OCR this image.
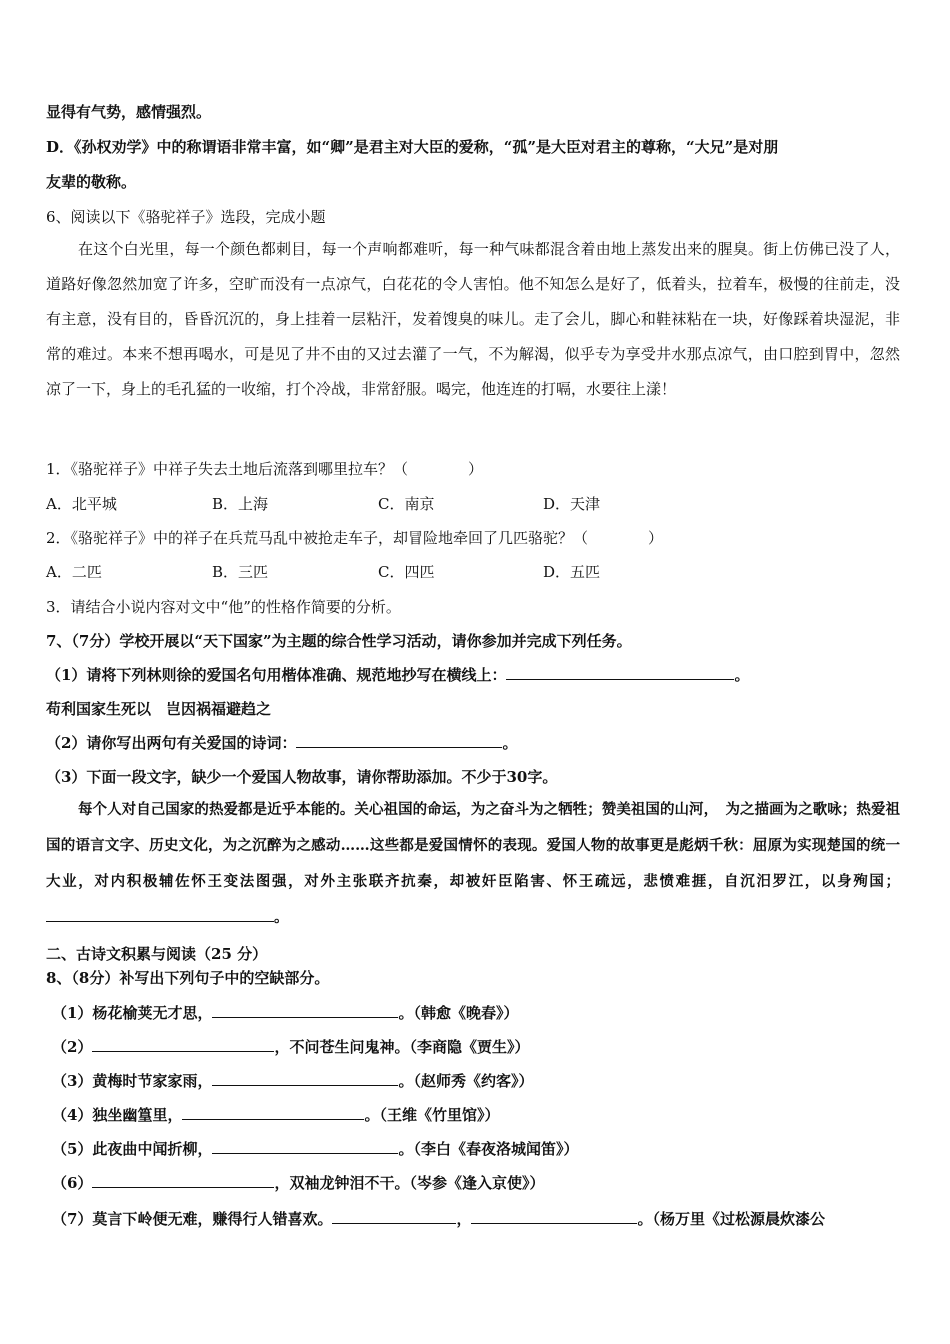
显得有气势，感情强烈。
D．《孙权劝学》中的称谓语非常丰富，如“卿”是君主对大臣的爱称，“孤”是大臣对君主的尊称，“大兄”是对朋
友辈的敬称。
6、阅读以下《骆驼祥子》选段，完成小题
在这个白光里，每一个颜色都刺目，每一个声响都难听，每一种气味都混含着由地上蒸发出来的腥臭。街上仿佛已没了人，道路好像忽然加宽了许多，空旷而没有一点凉气，白花花的令人害怕。他不知怎么是好了，低着头，拉着车，极慢的往前走，没有主意，没有目的，昏昏沉沉的，身上挂着一层粘汗，发着馊臭的味儿。走了会儿，脚心和鞋袜粘在一块，好像踩着块湿泥，非常的难过。本来不想再喝水，可是见了井不由的又过去灌了一气，不为解渴，似乎专为享受井水那点凉气，由口腔到胃中，忽然凉了一下，身上的毛孔猛的一收缩，打个冷战，非常舒服。喝完，他连连的打嗝，水要往上漾！
1．《骆驼祥子》中祥子失去土地后流落到哪里拉车？（　　　　）
A．北平城	B．上海	C．南京	D．天津
2．《骆驼祥子》中的祥子在兵荒马乱中被抢走车子，却冒险地牵回了几匹骆驼？（　　　　）
A．二匹	B．三匹	C．四匹	D．五匹
3．请结合小说内容对文中“他”的性格作简要的分析。
7、（7分）学校开展以“天下国家”为主题的综合性学习活动，请你参加并完成下列任务。
（1）请将下列林则徐的爱国名句用楷体准确、规范地抄写在横线上：	。
苟利国家生死以　岂因祸福避趋之
（2）请你写出两句有关爱国的诗词：	。
（3）下面一段文字，缺少一个爱国人物故事，请你帮助添加。不少于30字。
每个人对自己国家的热爱都是近乎本能的。关心祖国的命运，为之奋斗为之牺牲；赞美祖国的山河，　为之描画为之歌咏；热爱祖国的语言文字、历史文化，为之沉醉为之感动……这些都是爱国情怀的表现。爱国人物的故事更是彪炳千秋：屈原为实现楚国的统一大业，对内积极辅佐怀王变法图强，对外主张联齐抗秦，却被奸臣陷害、怀王疏远，悲愤难捱，自沉汨罗江，以身殉国；。
二、古诗文积累与阅读（25 分）
8、（8分）补写出下列句子中的空缺部分。
（1）杨花榆荚无才思，	。（韩愈《晚春》）
（2）	，不问苍生问鬼神。（李商隐《贾生》）
（3）黄梅时节家家雨，	。（赵师秀《约客》）
（4）独坐幽篁里，	。（王维《竹里馆》）
（5）此夜曲中闻折柳，	。（李白《春夜洛城闻笛》）
（6）	，双袖龙钟泪不干。（岑参《逢入京使》）
（7）莫言下岭便无难，赚得行人错喜欢。	，	。（杨万里《过松源晨炊漆公
